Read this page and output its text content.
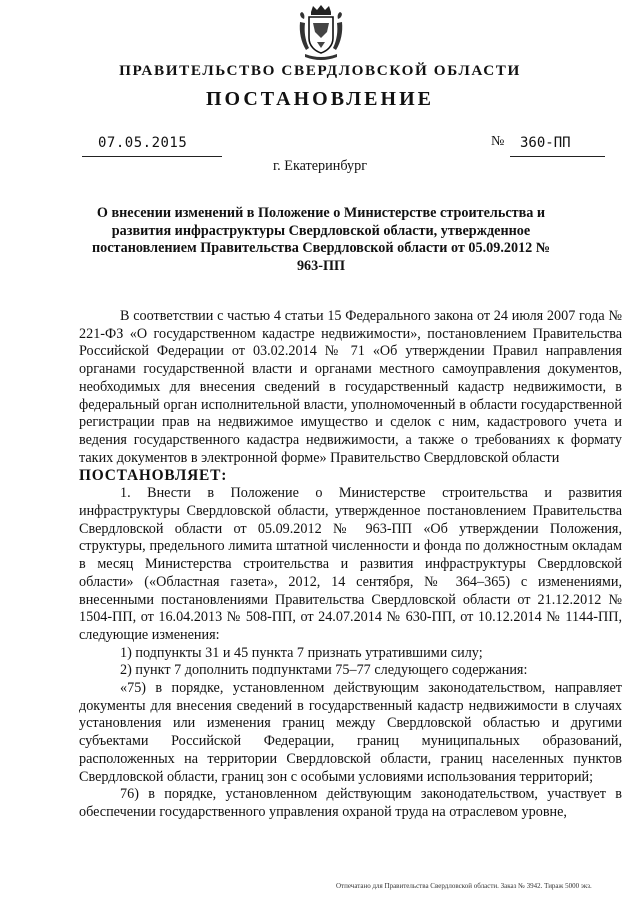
ПРАВИТЕЛЬСТВО СВЕРДЛОВСКОЙ ОБЛАСТИ
ПОСТАНОВЛЕНИЕ
07.05.2015	№ 360-ПП
г. Екатеринбург
О внесении изменений в Положение о Министерстве строительства и развития инфраструктуры Свердловской области, утвержденное постановлением Правительства Свердловской области от 05.09.2012 № 963-ПП

В соответствии с частью 4 статьи 15 Федерального закона от 24 июля 2007 года № 221-ФЗ «О государственном кадастре недвижимости», постановлением Правительства Российской Федерации от 03.02.2014 № 71 «Об утверждении Правил направления органами государственной власти и органами местного самоуправления документов, необходимых для внесения сведений в государственный кадастр недвижимости, в федеральный орган исполнительной власти, уполномоченный в области государственной регистрации прав на недвижимое имущество и сделок с ним, кадастрового учета и ведения государственного кадастра недвижимости, а также о требованиях к формату таких документов в электронной форме» Правительство Свердловской области

ПОСТАНОВЛЯЕТ:

1. Внести в Положение о Министерстве строительства и развития инфраструктуры Свердловской области, утвержденное постановлением Правительства Свердловской области от 05.09.2012 № 963-ПП «Об утверждении Положения, структуры, предельного лимита штатной численности и фонда по должностным окладам в месяц Министерства строительства и развития инфраструктуры Свердловской области» («Областная газета», 2012, 14 сентября, № 364–365) с изменениями, внесенными постановлениями Правительства Свердловской области от 21.12.2012 № 1504-ПП, от 16.04.2013 № 508-ПП, от 24.07.2014 № 630-ПП, от 10.12.2014 № 1144-ПП, следующие изменения:

1) подпункты 31 и 45 пункта 7 признать утратившими силу;

2) пункт 7 дополнить подпунктами 75–77 следующего содержания:

«75) в порядке, установленном действующим законодательством, направляет документы для внесения сведений в государственный кадастр недвижимости в случаях установления или изменения границ между Свердловской областью и другими субъектами Российской Федерации, границ муниципальных образований, расположенных на территории Свердловской области, границ населенных пунктов Свердловской области, границ зон с особыми условиями использования территорий;

76) в порядке, установленном действующим законодательством, участвует в обеспечении государственного управления охраной труда на отраслевом уровне,

Отпечатано для Правительства Свердловской области. Заказ № 3942. Тираж 5000 экз.
